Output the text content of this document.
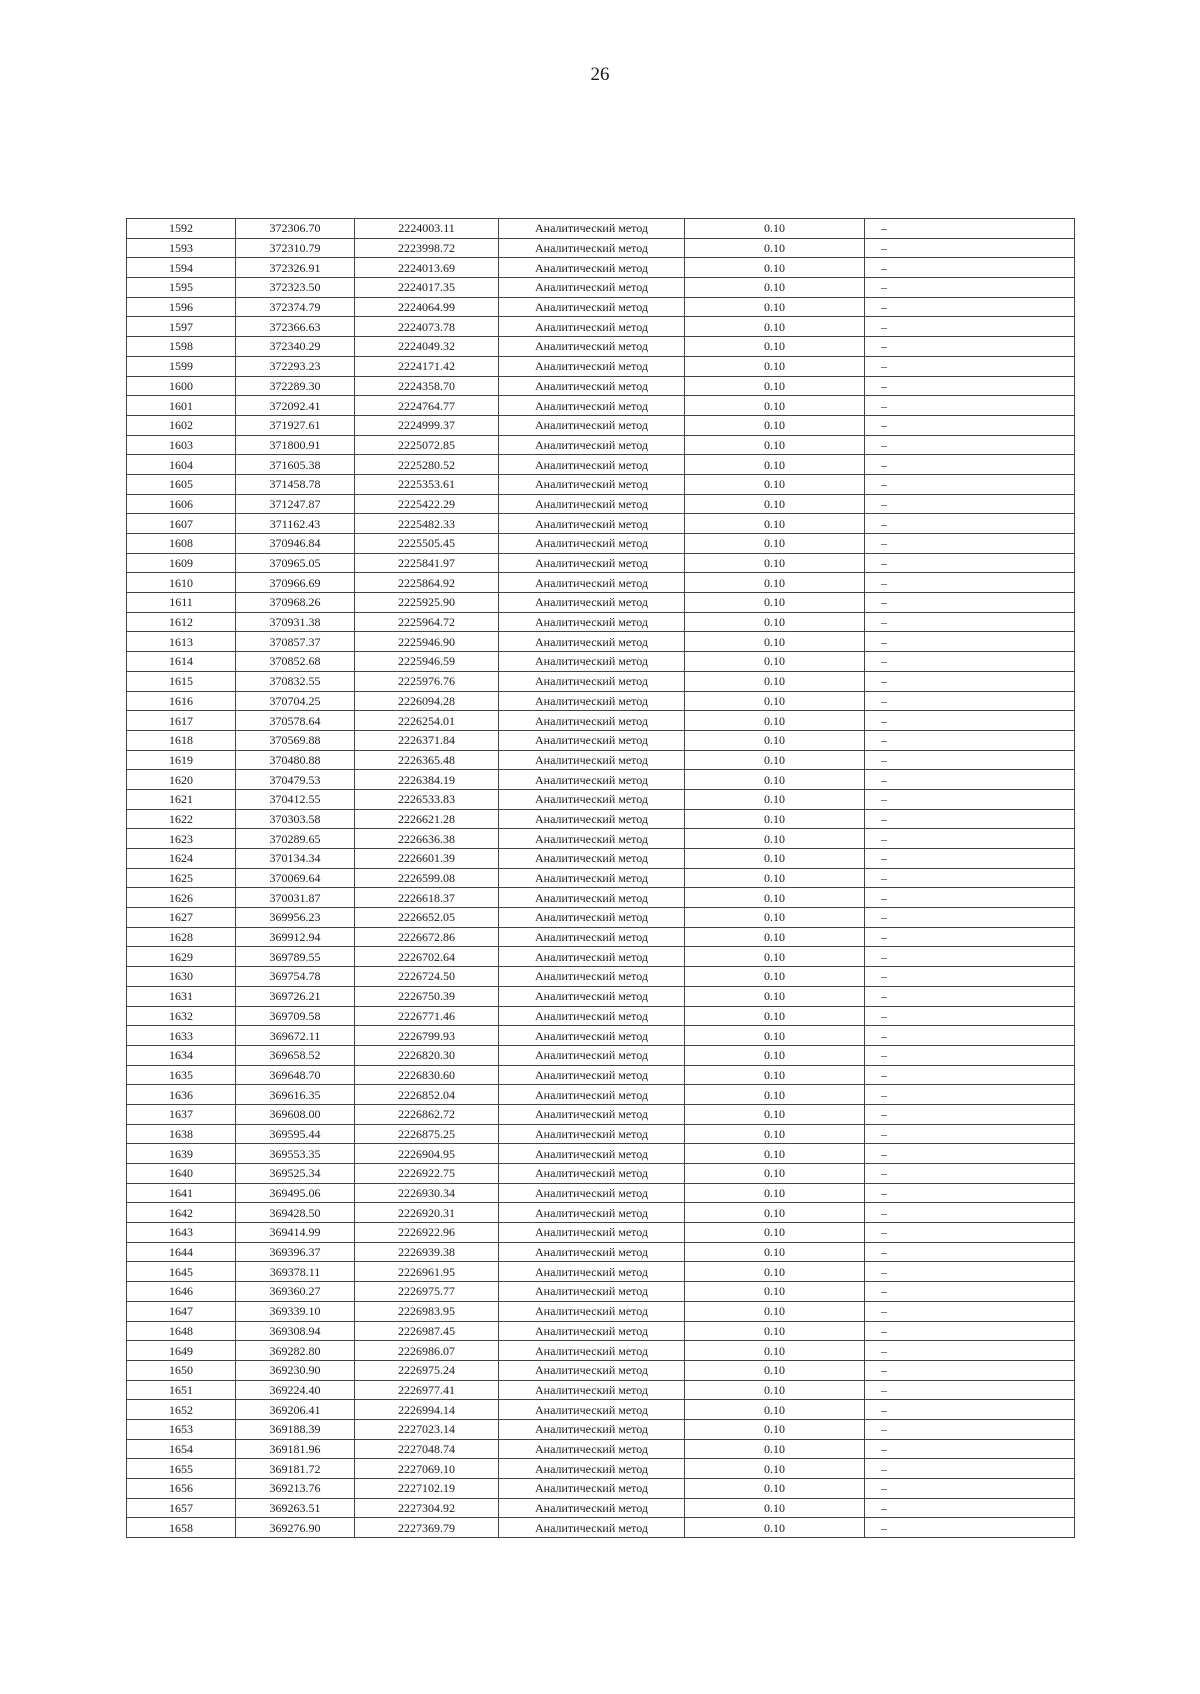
26
1592	372306.70	2224003.11	Аналитический метод	0.10	–
1593	372310.79	2223998.72	Аналитический метод	0.10	–
1594	372326.91	2224013.69	Аналитический метод	0.10	–
1595	372323.50	2224017.35	Аналитический метод	0.10	–
1596	372374.79	2224064.99	Аналитический метод	0.10	–
1597	372366.63	2224073.78	Аналитический метод	0.10	–
1598	372340.29	2224049.32	Аналитический метод	0.10	–
1599	372293.23	2224171.42	Аналитический метод	0.10	–
1600	372289.30	2224358.70	Аналитический метод	0.10	–
1601	372092.41	2224764.77	Аналитический метод	0.10	–
1602	371927.61	2224999.37	Аналитический метод	0.10	–
1603	371800.91	2225072.85	Аналитический метод	0.10	–
1604	371605.38	2225280.52	Аналитический метод	0.10	–
1605	371458.78	2225353.61	Аналитический метод	0.10	–
1606	371247.87	2225422.29	Аналитический метод	0.10	–
1607	371162.43	2225482.33	Аналитический метод	0.10	–
1608	370946.84	2225505.45	Аналитический метод	0.10	–
1609	370965.05	2225841.97	Аналитический метод	0.10	–
1610	370966.69	2225864.92	Аналитический метод	0.10	–
1611	370968.26	2225925.90	Аналитический метод	0.10	–
1612	370931.38	2225964.72	Аналитический метод	0.10	–
1613	370857.37	2225946.90	Аналитический метод	0.10	–
1614	370852.68	2225946.59	Аналитический метод	0.10	–
1615	370832.55	2225976.76	Аналитический метод	0.10	–
1616	370704.25	2226094.28	Аналитический метод	0.10	–
1617	370578.64	2226254.01	Аналитический метод	0.10	–
1618	370569.88	2226371.84	Аналитический метод	0.10	–
1619	370480.88	2226365.48	Аналитический метод	0.10	–
1620	370479.53	2226384.19	Аналитический метод	0.10	–
1621	370412.55	2226533.83	Аналитический метод	0.10	–
1622	370303.58	2226621.28	Аналитический метод	0.10	–
1623	370289.65	2226636.38	Аналитический метод	0.10	–
1624	370134.34	2226601.39	Аналитический метод	0.10	–
1625	370069.64	2226599.08	Аналитический метод	0.10	–
1626	370031.87	2226618.37	Аналитический метод	0.10	–
1627	369956.23	2226652.05	Аналитический метод	0.10	–
1628	369912.94	2226672.86	Аналитический метод	0.10	–
1629	369789.55	2226702.64	Аналитический метод	0.10	–
1630	369754.78	2226724.50	Аналитический метод	0.10	–
1631	369726.21	2226750.39	Аналитический метод	0.10	–
1632	369709.58	2226771.46	Аналитический метод	0.10	–
1633	369672.11	2226799.93	Аналитический метод	0.10	–
1634	369658.52	2226820.30	Аналитический метод	0.10	–
1635	369648.70	2226830.60	Аналитический метод	0.10	–
1636	369616.35	2226852.04	Аналитический метод	0.10	–
1637	369608.00	2226862.72	Аналитический метод	0.10	–
1638	369595.44	2226875.25	Аналитический метод	0.10	–
1639	369553.35	2226904.95	Аналитический метод	0.10	–
1640	369525.34	2226922.75	Аналитический метод	0.10	–
1641	369495.06	2226930.34	Аналитический метод	0.10	–
1642	369428.50	2226920.31	Аналитический метод	0.10	–
1643	369414.99	2226922.96	Аналитический метод	0.10	–
1644	369396.37	2226939.38	Аналитический метод	0.10	–
1645	369378.11	2226961.95	Аналитический метод	0.10	–
1646	369360.27	2226975.77	Аналитический метод	0.10	–
1647	369339.10	2226983.95	Аналитический метод	0.10	–
1648	369308.94	2226987.45	Аналитический метод	0.10	–
1649	369282.80	2226986.07	Аналитический метод	0.10	–
1650	369230.90	2226975.24	Аналитический метод	0.10	–
1651	369224.40	2226977.41	Аналитический метод	0.10	–
1652	369206.41	2226994.14	Аналитический метод	0.10	–
1653	369188.39	2227023.14	Аналитический метод	0.10	–
1654	369181.96	2227048.74	Аналитический метод	0.10	–
1655	369181.72	2227069.10	Аналитический метод	0.10	–
1656	369213.76	2227102.19	Аналитический метод	0.10	–
1657	369263.51	2227304.92	Аналитический метод	0.10	–
1658	369276.90	2227369.79	Аналитический метод	0.10	–
